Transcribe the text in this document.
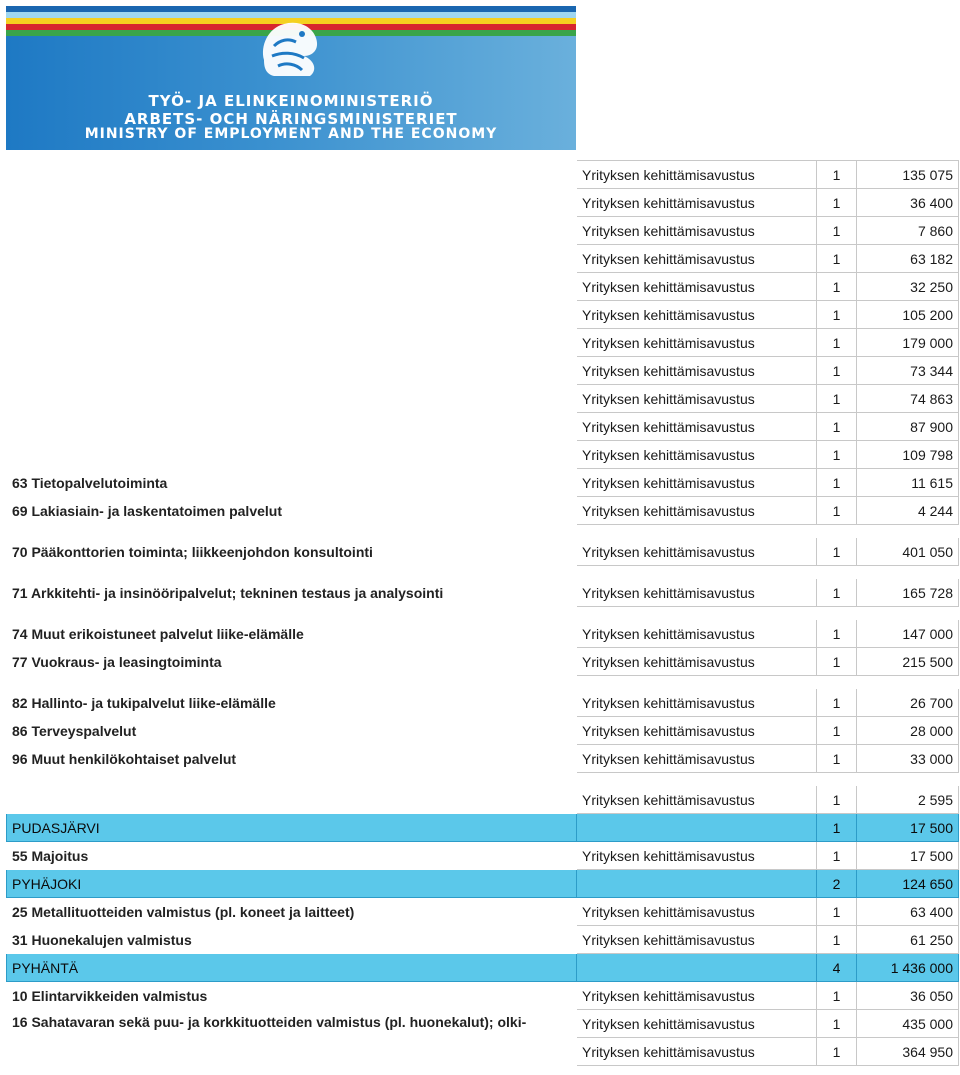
TYÖ- JA ELINKEINOMINISTERIÖ
ARBETS- OCH NÄRINGSMINISTERIET
MINISTRY OF EMPLOYMENT AND THE ECONOMY
	Yrityksen kehittämisavustus	1	135 075
	Yrityksen kehittämisavustus	1	36 400
	Yrityksen kehittämisavustus	1	7 860
	Yrityksen kehittämisavustus	1	63 182
	Yrityksen kehittämisavustus	1	32 250
	Yrityksen kehittämisavustus	1	105 200
	Yrityksen kehittämisavustus	1	179 000
	Yrityksen kehittämisavustus	1	73 344
	Yrityksen kehittämisavustus	1	74 863
	Yrityksen kehittämisavustus	1	87 900
	Yrityksen kehittämisavustus	1	109 798
63 Tietopalvelutoiminta	Yrityksen kehittämisavustus	1	11 615
69 Lakiasiain- ja laskentatoimen palvelut	Yrityksen kehittämisavustus	1	4 244

70 Pääkonttorien toiminta; liikkeenjohdon konsultointi	Yrityksen kehittämisavustus	1	401 050

71 Arkkitehti- ja insinööripalvelut; tekninen testaus ja analysointi	Yrityksen kehittämisavustus	1	165 728

74 Muut erikoistuneet palvelut liike-elämälle	Yrityksen kehittämisavustus	1	147 000
77 Vuokraus- ja leasingtoiminta	Yrityksen kehittämisavustus	1	215 500

82 Hallinto- ja tukipalvelut liike-elämälle	Yrityksen kehittämisavustus	1	26 700
86 Terveyspalvelut	Yrityksen kehittämisavustus	1	28 000
96 Muut henkilökohtaiset palvelut	Yrityksen kehittämisavustus	1	33 000

	Yrityksen kehittämisavustus	1	2 595
PUDASJÄRVI		1	17 500
55 Majoitus	Yrityksen kehittämisavustus	1	17 500
PYHÄJOKI		2	124 650
25 Metallituotteiden valmistus (pl. koneet ja laitteet)	Yrityksen kehittämisavustus	1	63 400
31 Huonekalujen valmistus	Yrityksen kehittämisavustus	1	61 250
PYHÄNTÄ		4	1 436 000
10 Elintarvikkeiden valmistus	Yrityksen kehittämisavustus	1	36 050
16 Sahatavaran sekä puu- ja korkkituotteiden valmistus (pl. huonekalut); olki-	Yrityksen kehittämisavustus	1	435 000
	Yrityksen kehittämisavustus	1	364 950
